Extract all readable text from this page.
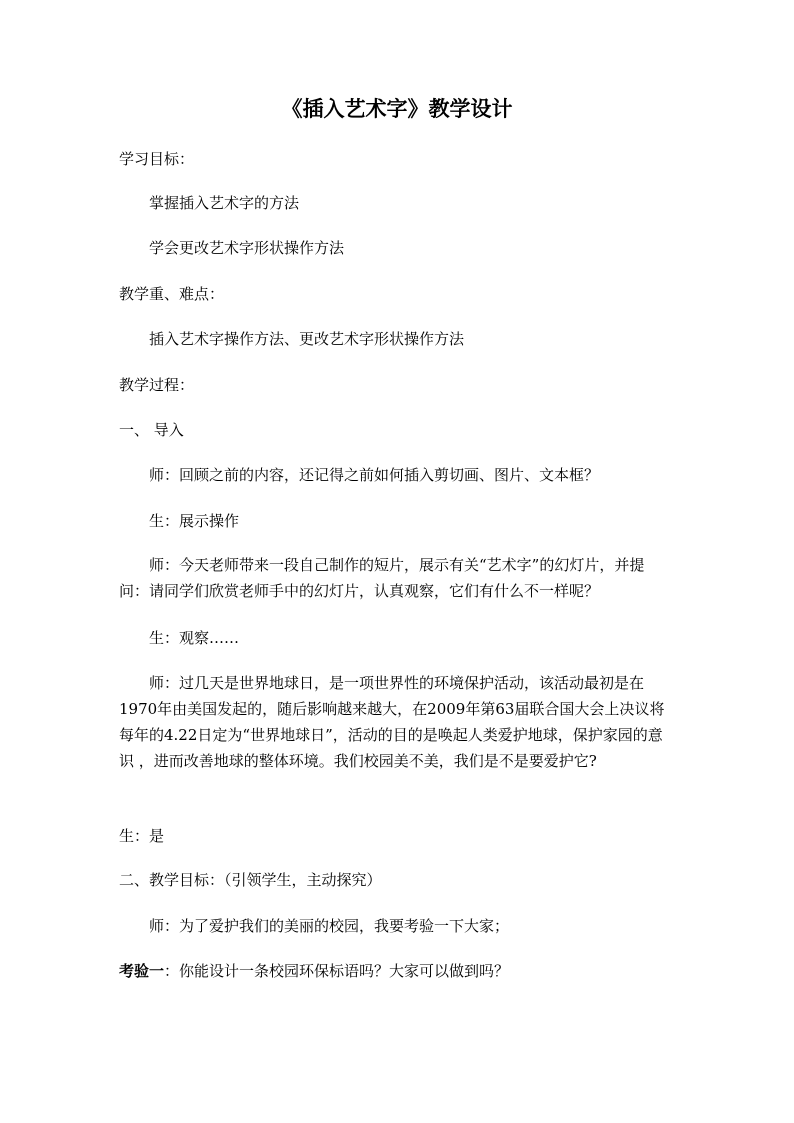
《插入艺术字》教学设计
学习目标：
掌握插入艺术字的方法
学会更改艺术字形状操作方法
教学重、难点：
插入艺术字操作方法、更改艺术字形状操作方法
教学过程：
一、 导入
师：回顾之前的内容，还记得之前如何插入剪切画、图片、文本框？
生：展示操作
师：今天老师带来一段自己制作的短片，展示有关“艺术字”的幻灯片，并提问：请同学们欣赏老师手中的幻灯片，认真观察，它们有什么不一样呢？
生：观察……
师：过几天是世界地球日，是一项世界性的环境保护活动，该活动最初是在1970年由美国发起的，随后影响越来越大，在2009年第63届联合国大会上决议将每年的4.22日定为“世界地球日”，活动的目的是唤起人类爱护地球，保护家园的意识 ，进而改善地球的整体环境。我们校园美不美，我们是不是要爱护它?
生：是
二、教学目标：（引领学生，主动探究）
师：为了爱护我们的美丽的校园，我要考验一下大家；
考验一：你能设计一条校园环保标语吗？大家可以做到吗？
